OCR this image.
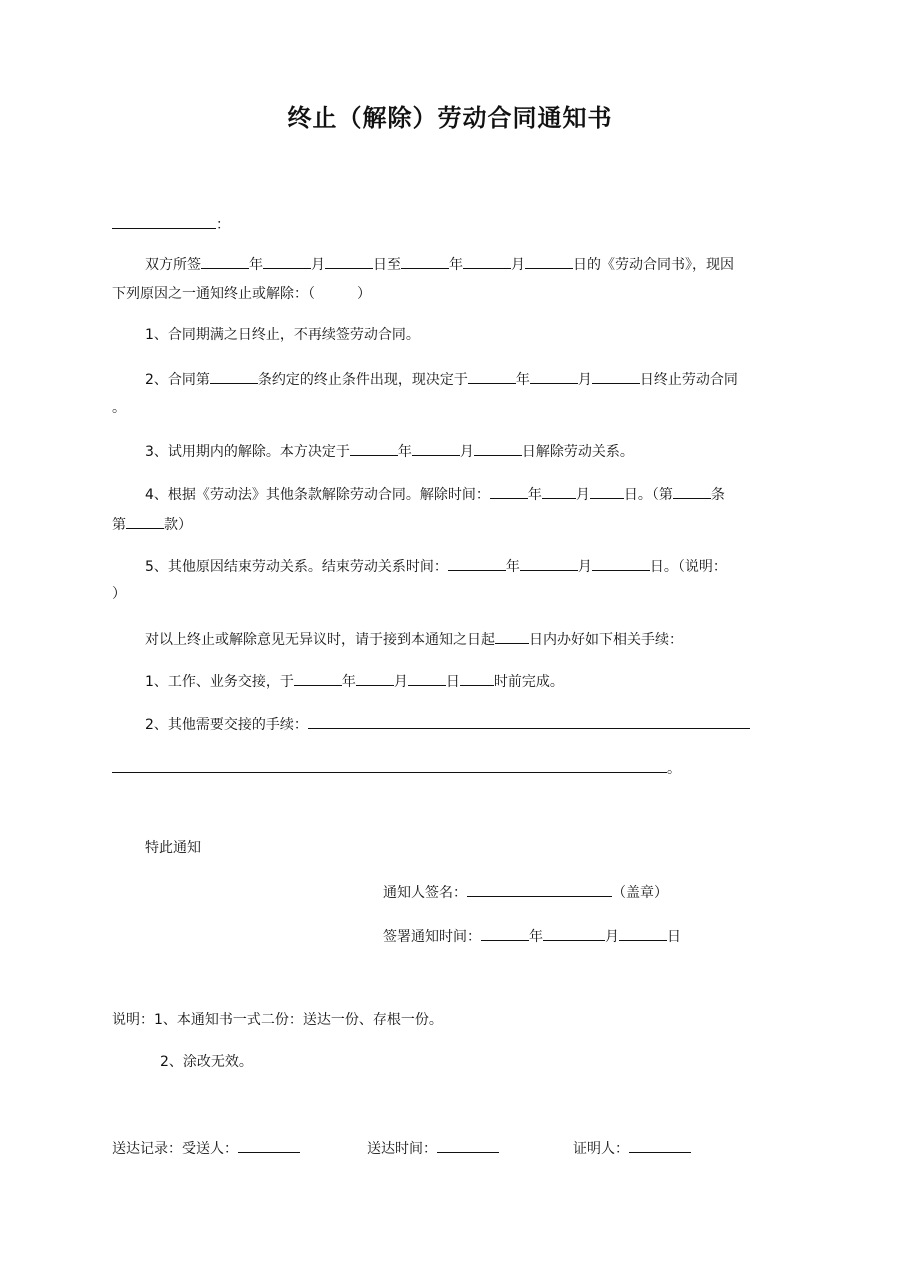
终止（解除）劳动合同通知书
：
双方所签	年	月	日至	年	月	日的《劳动合同书》，现因
下列原因之一通知终止或解除：（　　　）
1、合同期满之日终止，不再续签劳动合同。
2、合同第	条约定的终止条件出现，现决定于	年	月	日终止劳动合同
。
3、试用期内的解除。本方决定于	年	月	日解除劳动关系。
4、根据《劳动法》其他条款解除劳动合同。解除时间：	年 月 日。（第	条
第	款）
5、其他原因结束劳动关系。结束劳动关系时间：	年	月	日。（说明：
）
对以上终止或解除意见无异议时，请于接到本通知之日起 日内办好如下相关手续：
1、工作、业务交接，于	年	月	日 时前完成。
2、其他需要交接的手续：
。
特此通知
通知人签名：	（盖章）
签署通知时间：	年	月	日
说明：1、本通知书一式二份：送达一份、存根一份。
2、涂改无效。
送达记录：受送人：	送达时间：	证明人：
